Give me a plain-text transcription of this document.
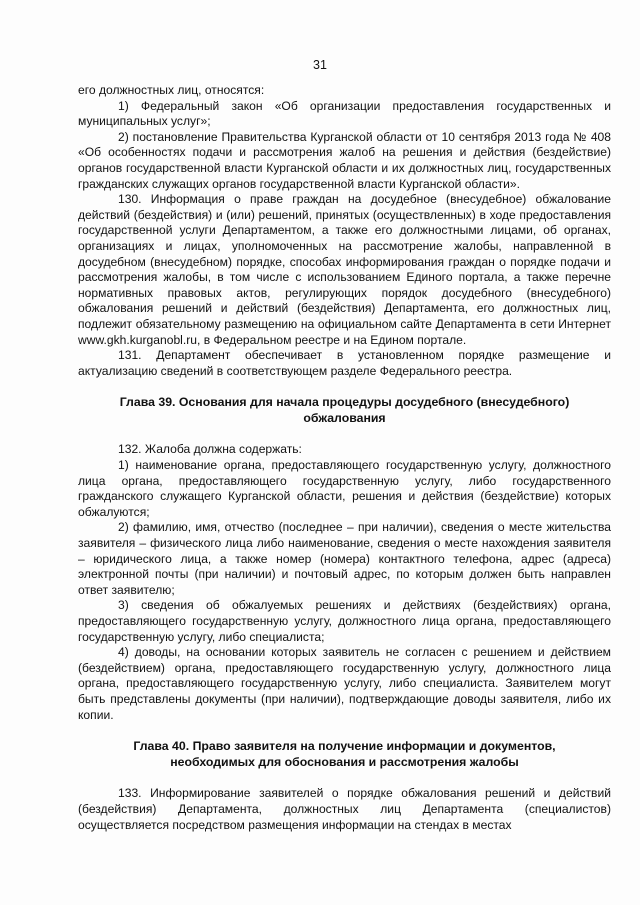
31

его должностных лиц, относятся:

1) Федеральный закон «Об организации предоставления государственных и муниципальных услуг»;

2) постановление Правительства Курганской области от 10 сентября 2013 года № 408 «Об особенностях подачи и рассмотрения жалоб на решения и действия (бездействие) органов государственной власти Курганской области и их должностных лиц, государственных гражданских служащих органов государственной власти Курганской области».

130. Информация о праве граждан на досудебное (внесудебное) обжалование действий (бездействия) и (или) решений, принятых (осуществленных) в ходе предоставления государственной услуги Департаментом, а также его должностными лицами, об органах, организациях и лицах, уполномоченных на рассмотрение жалобы, направленной в досудебном (внесудебном) порядке, способах информирования граждан о порядке подачи и рассмотрения жалобы, в том числе с использованием Единого портала, а также перечне нормативных правовых актов, регулирующих порядок досудебного (внесудебного) обжалования решений и действий (бездействия) Департамента, его должностных лиц, подлежит обязательному размещению на официальном сайте Департамента в сети Интернет www.gkh.kurganobl.ru, в Федеральном реестре и на Едином портале.

131. Департамент обеспечивает в установленном порядке размещение и актуализацию сведений в соответствующем разделе Федерального реестра.

Глава 39. Основания для начала процедуры досудебного (внесудебного)
обжалования

132. Жалоба должна содержать:

1) наименование органа, предоставляющего государственную услугу, должностного лица органа, предоставляющего государственную услугу, либо государственного гражданского служащего Курганской области, решения и действия (бездействие) которых обжалуются;

2) фамилию, имя, отчество (последнее – при наличии), сведения о месте жительства заявителя – физического лица либо наименование, сведения о месте нахождения заявителя – юридического лица, а также номер (номера) контактного телефона, адрес (адреса) электронной почты (при наличии) и почтовый адрес, по которым должен быть направлен ответ заявителю;

3) сведения об обжалуемых решениях и действиях (бездействиях) органа, предоставляющего государственную услугу, должностного лица органа, предоставляющего государственную услугу, либо специалиста;

4) доводы, на основании которых заявитель не согласен с решением и действием (бездействием) органа, предоставляющего государственную услугу, должностного лица органа, предоставляющего государственную услугу, либо специалиста. Заявителем могут быть представлены документы (при наличии), подтверждающие доводы заявителя, либо их копии.

Глава 40. Право заявителя на получение информации и документов,
необходимых для обоснования и рассмотрения жалобы

133. Информирование заявителей о порядке обжалования решений и действий (бездействия) Департамента, должностных лиц Департамента (специалистов) осуществляется посредством размещения информации на стендах в местах
